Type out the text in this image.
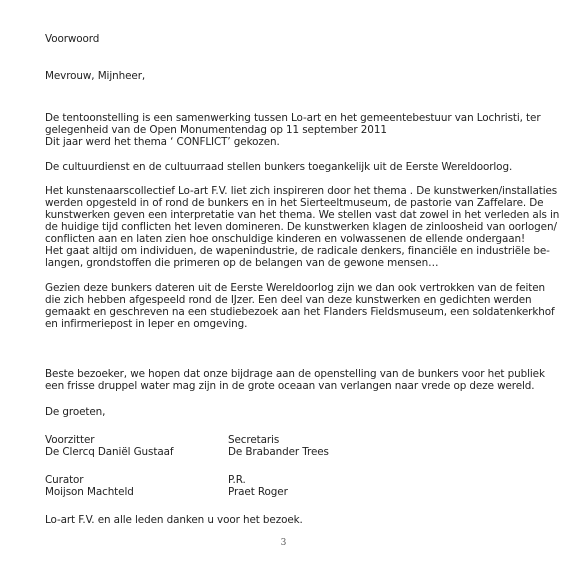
Voorwoord
Mevrouw, Mijnheer,
De tentoonstelling is een samenwerking tussen Lo-art en het gemeentebestuur van Lochristi, ter
gelegenheid van de Open Monumentendag op 11 september 2011
Dit jaar werd het thema ‘ CONFLICT’ gekozen.
De cultuurdienst en de cultuurraad stellen bunkers toegankelijk uit de Eerste Wereldoorlog.
Het kunstenaarscollectief Lo-art F.V. liet zich inspireren door het thema . De kunstwerken/installaties
werden opgesteld in of rond de bunkers en in het Sierteeltmuseum, de pastorie van Zaffelare. De
kunstwerken geven een interpretatie van het thema. We stellen vast dat zowel in het verleden als in
de huidige tijd conflicten het leven domineren. De kunstwerken klagen de zinloosheid van oorlogen/
conflicten aan en laten zien hoe onschuldige kinderen en volwassenen de ellende ondergaan!
Het gaat altijd om individuen, de wapenindustrie, de radicale denkers, financiële en industriële be-
langen, grondstoffen die primeren op de belangen van de gewone mensen…
Gezien deze bunkers dateren uit de Eerste Wereldoorlog zijn we dan ook vertrokken van de feiten
die zich hebben afgespeeld rond de IJzer. Een deel van deze kunstwerken en gedichten werden
gemaakt en geschreven na een studiebezoek aan het Flanders Fieldsmuseum, een soldatenkerkhof
en infirmeriepost in Ieper en omgeving.
Beste bezoeker, we hopen dat onze bijdrage aan de openstelling van de bunkers voor het publiek
een frisse druppel water mag zijn in de grote oceaan van verlangen naar vrede op deze wereld.
De groeten,
Voorzitter
De Clercq Daniël Gustaaf
Secretaris
De Brabander Trees
Curator
Moijson Machteld
P.R.
Praet Roger
Lo-art F.V. en alle leden danken u voor het bezoek.
3
